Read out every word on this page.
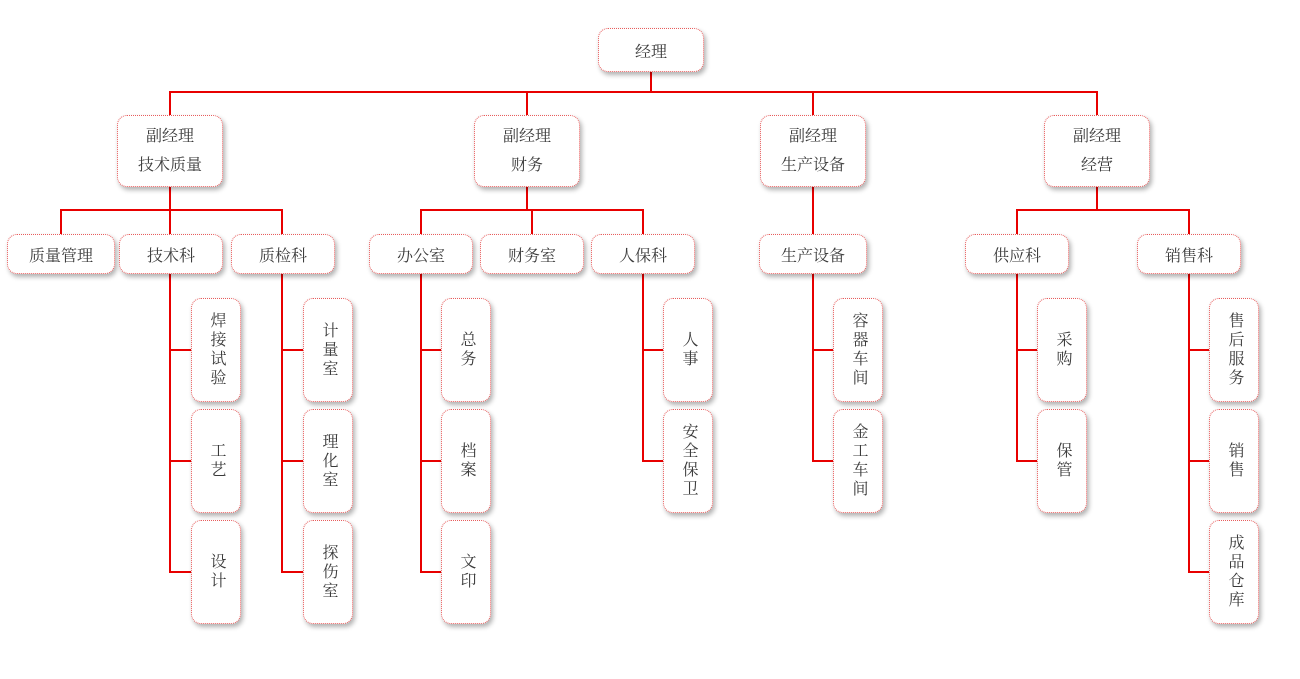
经理
副经理
技术质量
副经理
财务
副经理
生产设备
副经理
经营
质量管理	技术科	质检科	办公室	财务室	人保科	生产设备	供应科	销售科
焊接试验
工艺
设计
计量室
理化室
探伤室
总务
档案
文印
人事
安全保卫
容器车间
金工车间
采购
保管
售后服务
销售
成品仓库
